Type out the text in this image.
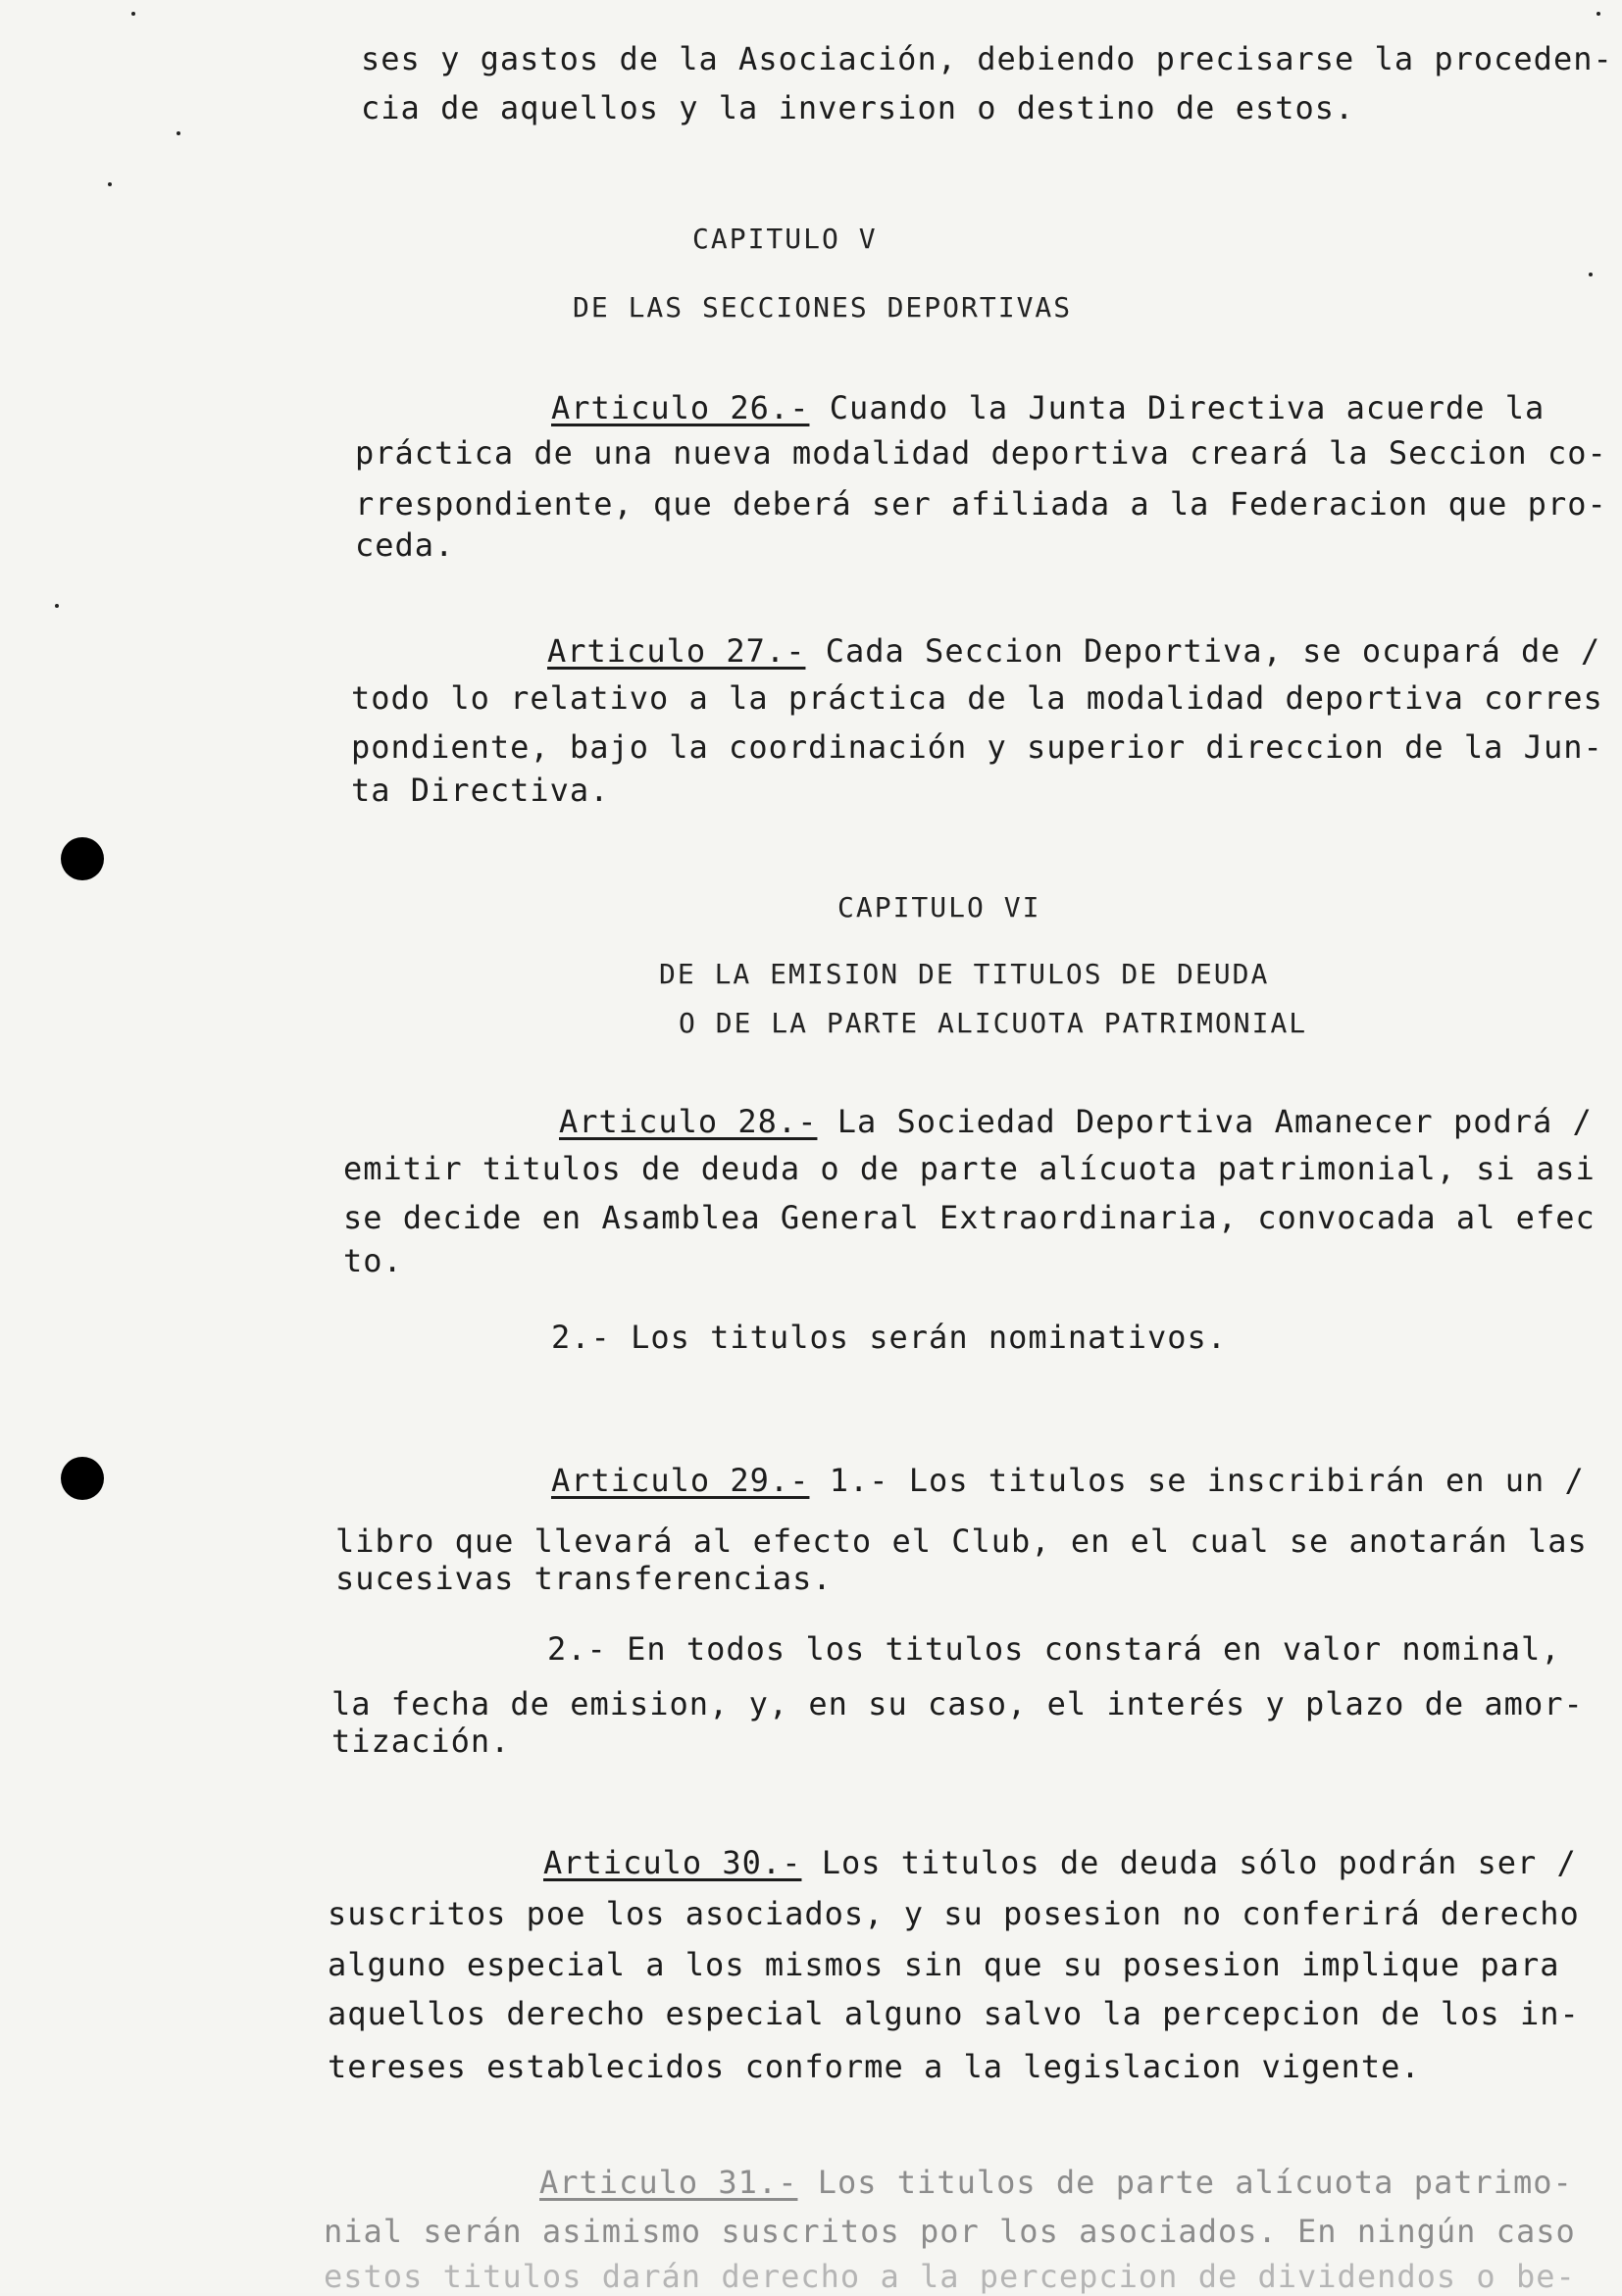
ses y gastos de la Asociación, debiendo precisarse la proceden-
cia de aquellos y la inversion o destino de estos.
CAPITULO V
DE LAS SECCIONES DEPORTIVAS
Articulo 26.- Cuando la Junta Directiva acuerde la
práctica de una nueva modalidad deportiva creará la Seccion co-
rrespondiente, que deberá ser afiliada a la Federacion que pro-
ceda.
Articulo 27.- Cada Seccion Deportiva, se ocupará de /
todo lo relativo a la práctica de la modalidad deportiva corres
pondiente, bajo la coordinación y superior direccion de la Jun-
ta Directiva.
CAPITULO VI
DE LA EMISION DE TITULOS DE DEUDA
O DE LA PARTE ALICUOTA PATRIMONIAL
Articulo 28.- La Sociedad Deportiva Amanecer podrá /
emitir titulos de deuda o de parte alícuota patrimonial, si asi
se decide en Asamblea General Extraordinaria, convocada al efec
to.
2.- Los titulos serán nominativos.
Articulo 29.- 1.- Los titulos se inscribirán en un /
libro que llevará al efecto el Club, en el cual se anotarán las
sucesivas transferencias.
2.- En todos los titulos constará en valor nominal,
la fecha de emision, y, en su caso, el interés y plazo de amor-
tización.
Articulo 30.- Los titulos de deuda sólo podrán ser /
suscritos poe los asociados, y su posesion no conferirá derecho
alguno especial a los mismos sin que su posesion implique para
aquellos derecho especial alguno salvo la percepcion de los in-
tereses establecidos conforme a la legislacion vigente.
Articulo 31.- Los titulos de parte alícuota patrimo-
nial serán asimismo suscritos por los asociados. En ningún caso
estos titulos darán derecho a la percepcion de dividendos o be-
